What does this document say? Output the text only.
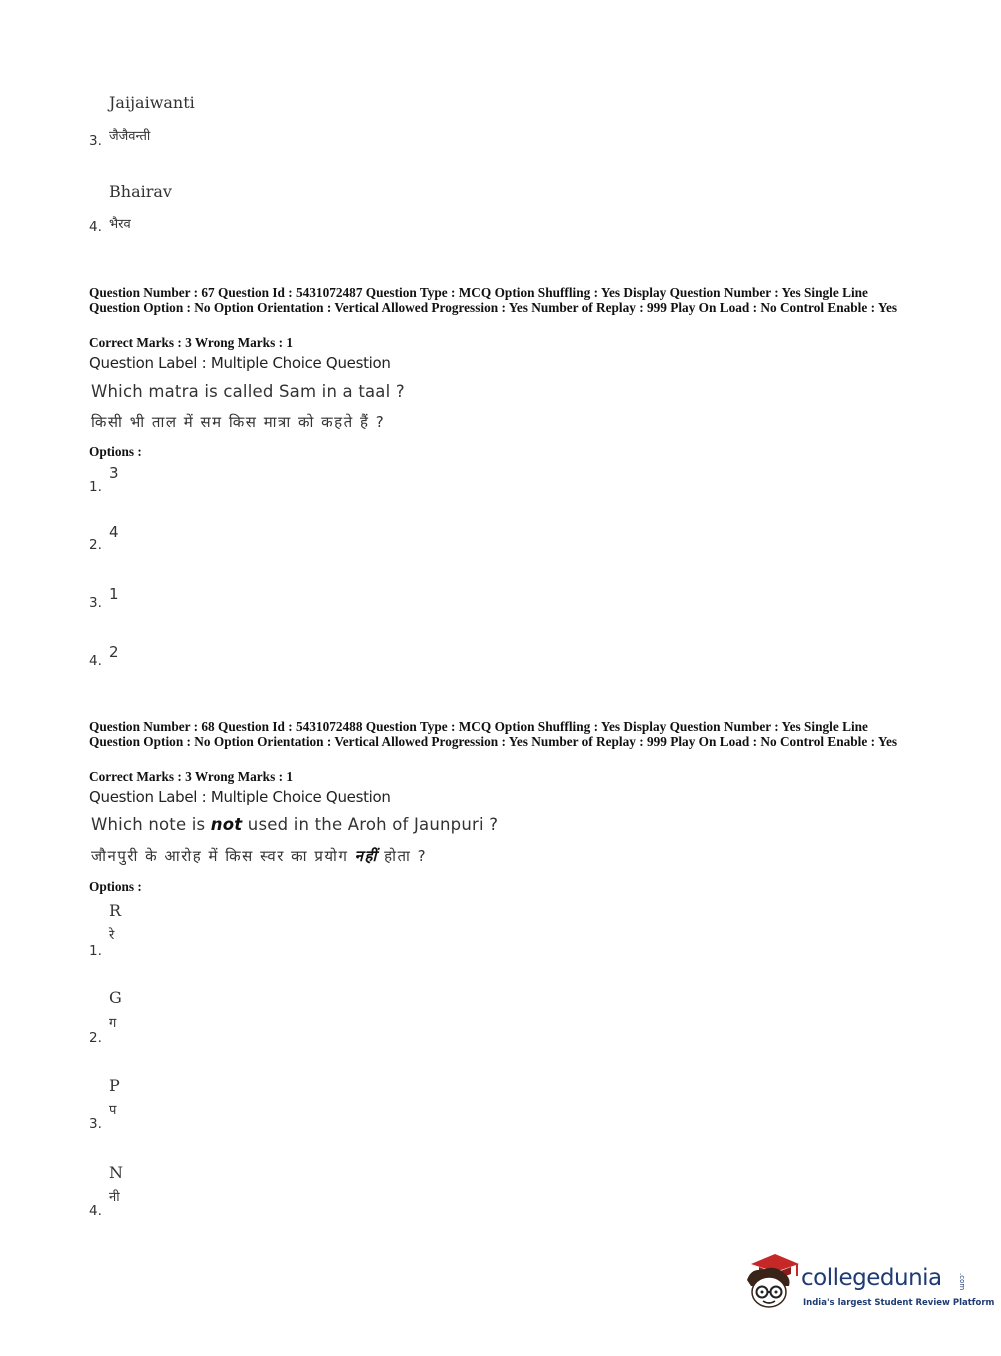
Jaijaiwanti
3. जैजैवन्ती
Bhairav
4. भैरव
Question Number : 67 Question Id : 5431072487 Question Type : MCQ Option Shuffling : Yes Display Question Number : Yes Single Line Question Option : No Option Orientation : Vertical Allowed Progression : Yes Number of Replay : 999 Play On Load : No Control Enable : Yes
Correct Marks : 3 Wrong Marks : 1
Question Label : Multiple Choice Question
Which matra is called Sam in a taal ?
किसी भी ताल में सम किस मात्रा को कहते हैं ?
Options :
1.
3
2.
4
3. 1
4. 2
Question Number : 68 Question Id : 5431072488 Question Type : MCQ Option Shuffling : Yes Display Question Number : Yes Single Line Question Option : No Option Orientation : Vertical Allowed Progression : Yes Number of Replay : 999 Play On Load : No Control Enable : Yes
Correct Marks : 3 Wrong Marks : 1
Question Label : Multiple Choice Question
Which note is not used in the Aroh of Jaunpuri ?
जौनपुरी के आरोह में किस स्वर का प्रयोग नहीं होता ?
Options :
R
रे
1.
G
ग
2.
P
प
3.
N
नी
4.
collegedunia .com
India's largest Student Review Platform
